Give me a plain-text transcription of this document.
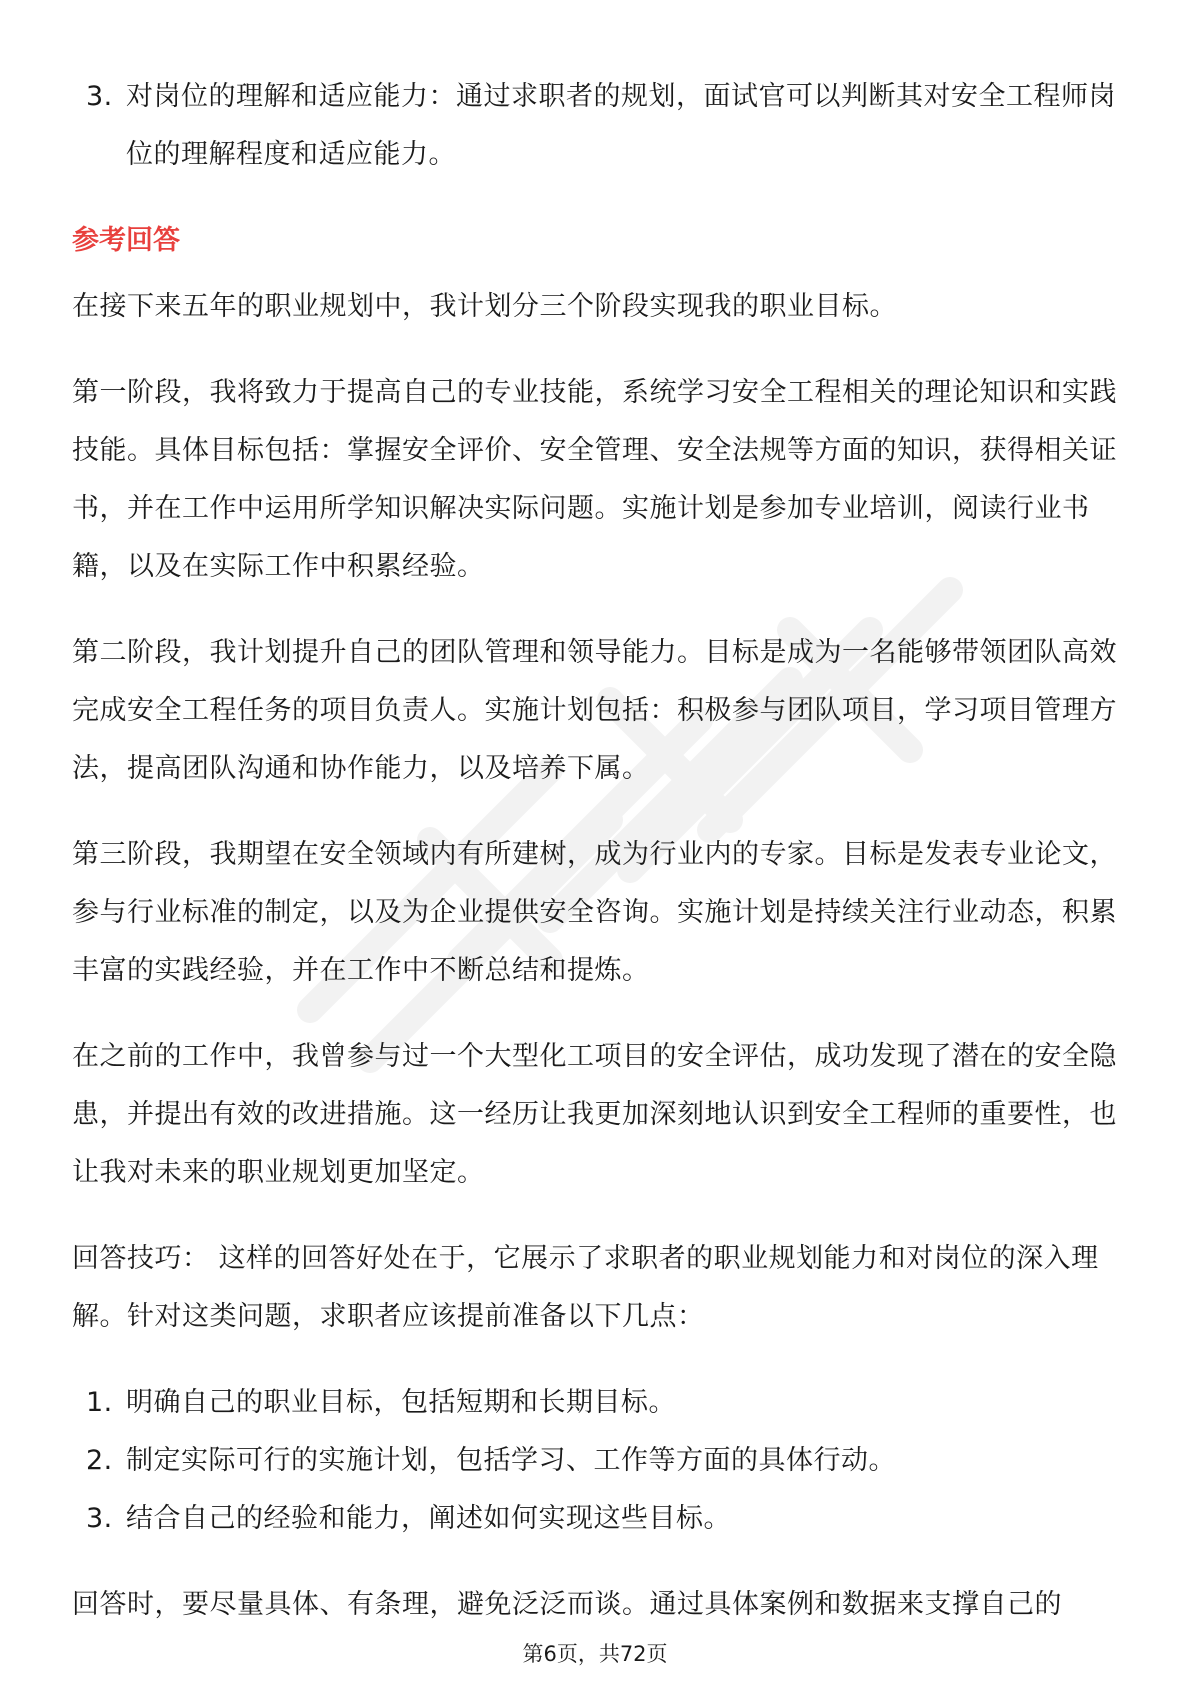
3. 对岗位的理解和适应能力：通过求职者的规划，面试官可以判断其对安全工程师岗位的理解程度和适应能力。
参考回答

在接下来五年的职业规划中，我计划分三个阶段实现我的职业目标。

第一阶段，我将致力于提高自己的专业技能，系统学习安全工程相关的理论知识和实践技能。具体目标包括：掌握安全评价、安全管理、安全法规等方面的知识，获得相关证书，并在工作中运用所学知识解决实际问题。实施计划是参加专业培训，阅读行业书籍，以及在实际工作中积累经验。

第二阶段，我计划提升自己的团队管理和领导能力。目标是成为一名能够带领团队高效完成安全工程任务的项目负责人。实施计划包括：积极参与团队项目，学习项目管理方法，提高团队沟通和协作能力，以及培养下属。

第三阶段，我期望在安全领域内有所建树，成为行业内的专家。目标是发表专业论文，参与行业标准的制定，以及为企业提供安全咨询。实施计划是持续关注行业动态，积累丰富的实践经验，并在工作中不断总结和提炼。

在之前的工作中，我曾参与过一个大型化工项目的安全评估，成功发现了潜在的安全隐患，并提出有效的改进措施。这一经历让我更加深刻地认识到安全工程师的重要性，也让我对未来的职业规划更加坚定。

回答技巧： 这样的回答好处在于，它展示了求职者的职业规划能力和对岗位的深入理解。针对这类问题，求职者应该提前准备以下几点：

1. 明确自己的职业目标，包括短期和长期目标。
2. 制定实际可行的实施计划，包括学习、工作等方面的具体行动。
3. 结合自己的经验和能力，阐述如何实现这些目标。

回答时，要尽量具体、有条理，避免泛泛而谈。通过具体案例和数据来支撑自己的

第6页，共72页
